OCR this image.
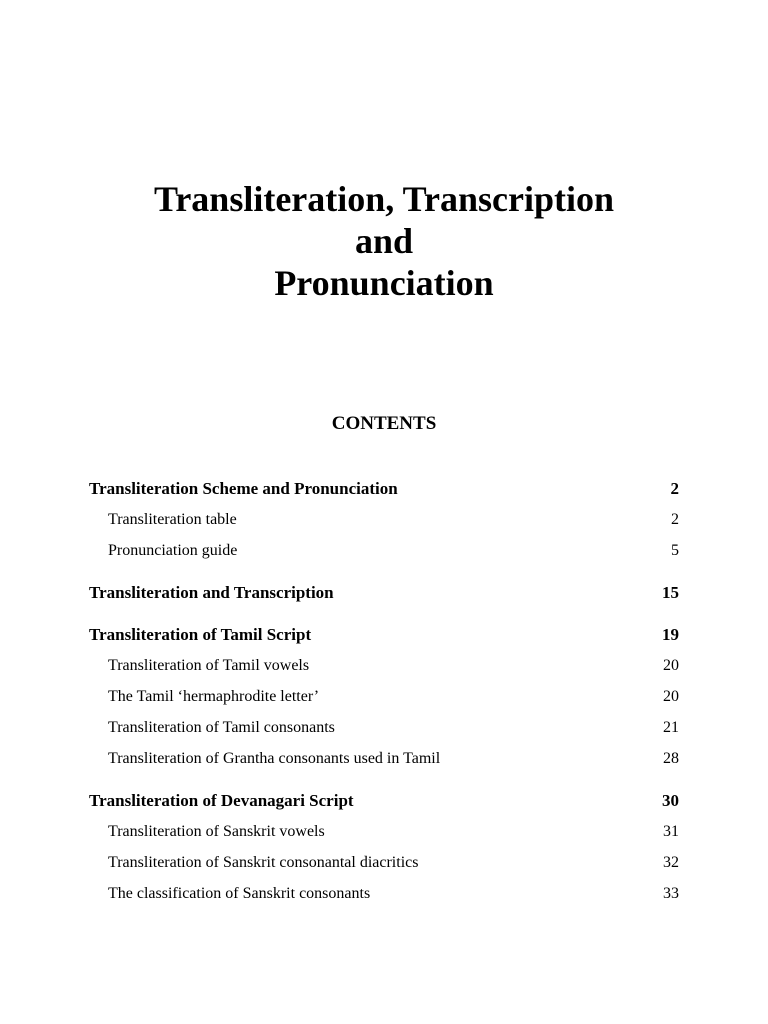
Transliteration, Transcription
and
Pronunciation
CONTENTS
Transliteration Scheme and Pronunciation	2
Transliteration table	2
Pronunciation guide	5
Transliteration and Transcription	15
Transliteration of Tamil Script	19
Transliteration of Tamil vowels	20
The Tamil ‘hermaphrodite letter’	20
Transliteration of Tamil consonants	21
Transliteration of Grantha consonants used in Tamil	28
Transliteration of Devanagari Script	30
Transliteration of Sanskrit vowels	31
Transliteration of Sanskrit consonantal diacritics	32
The classification of Sanskrit consonants	33
